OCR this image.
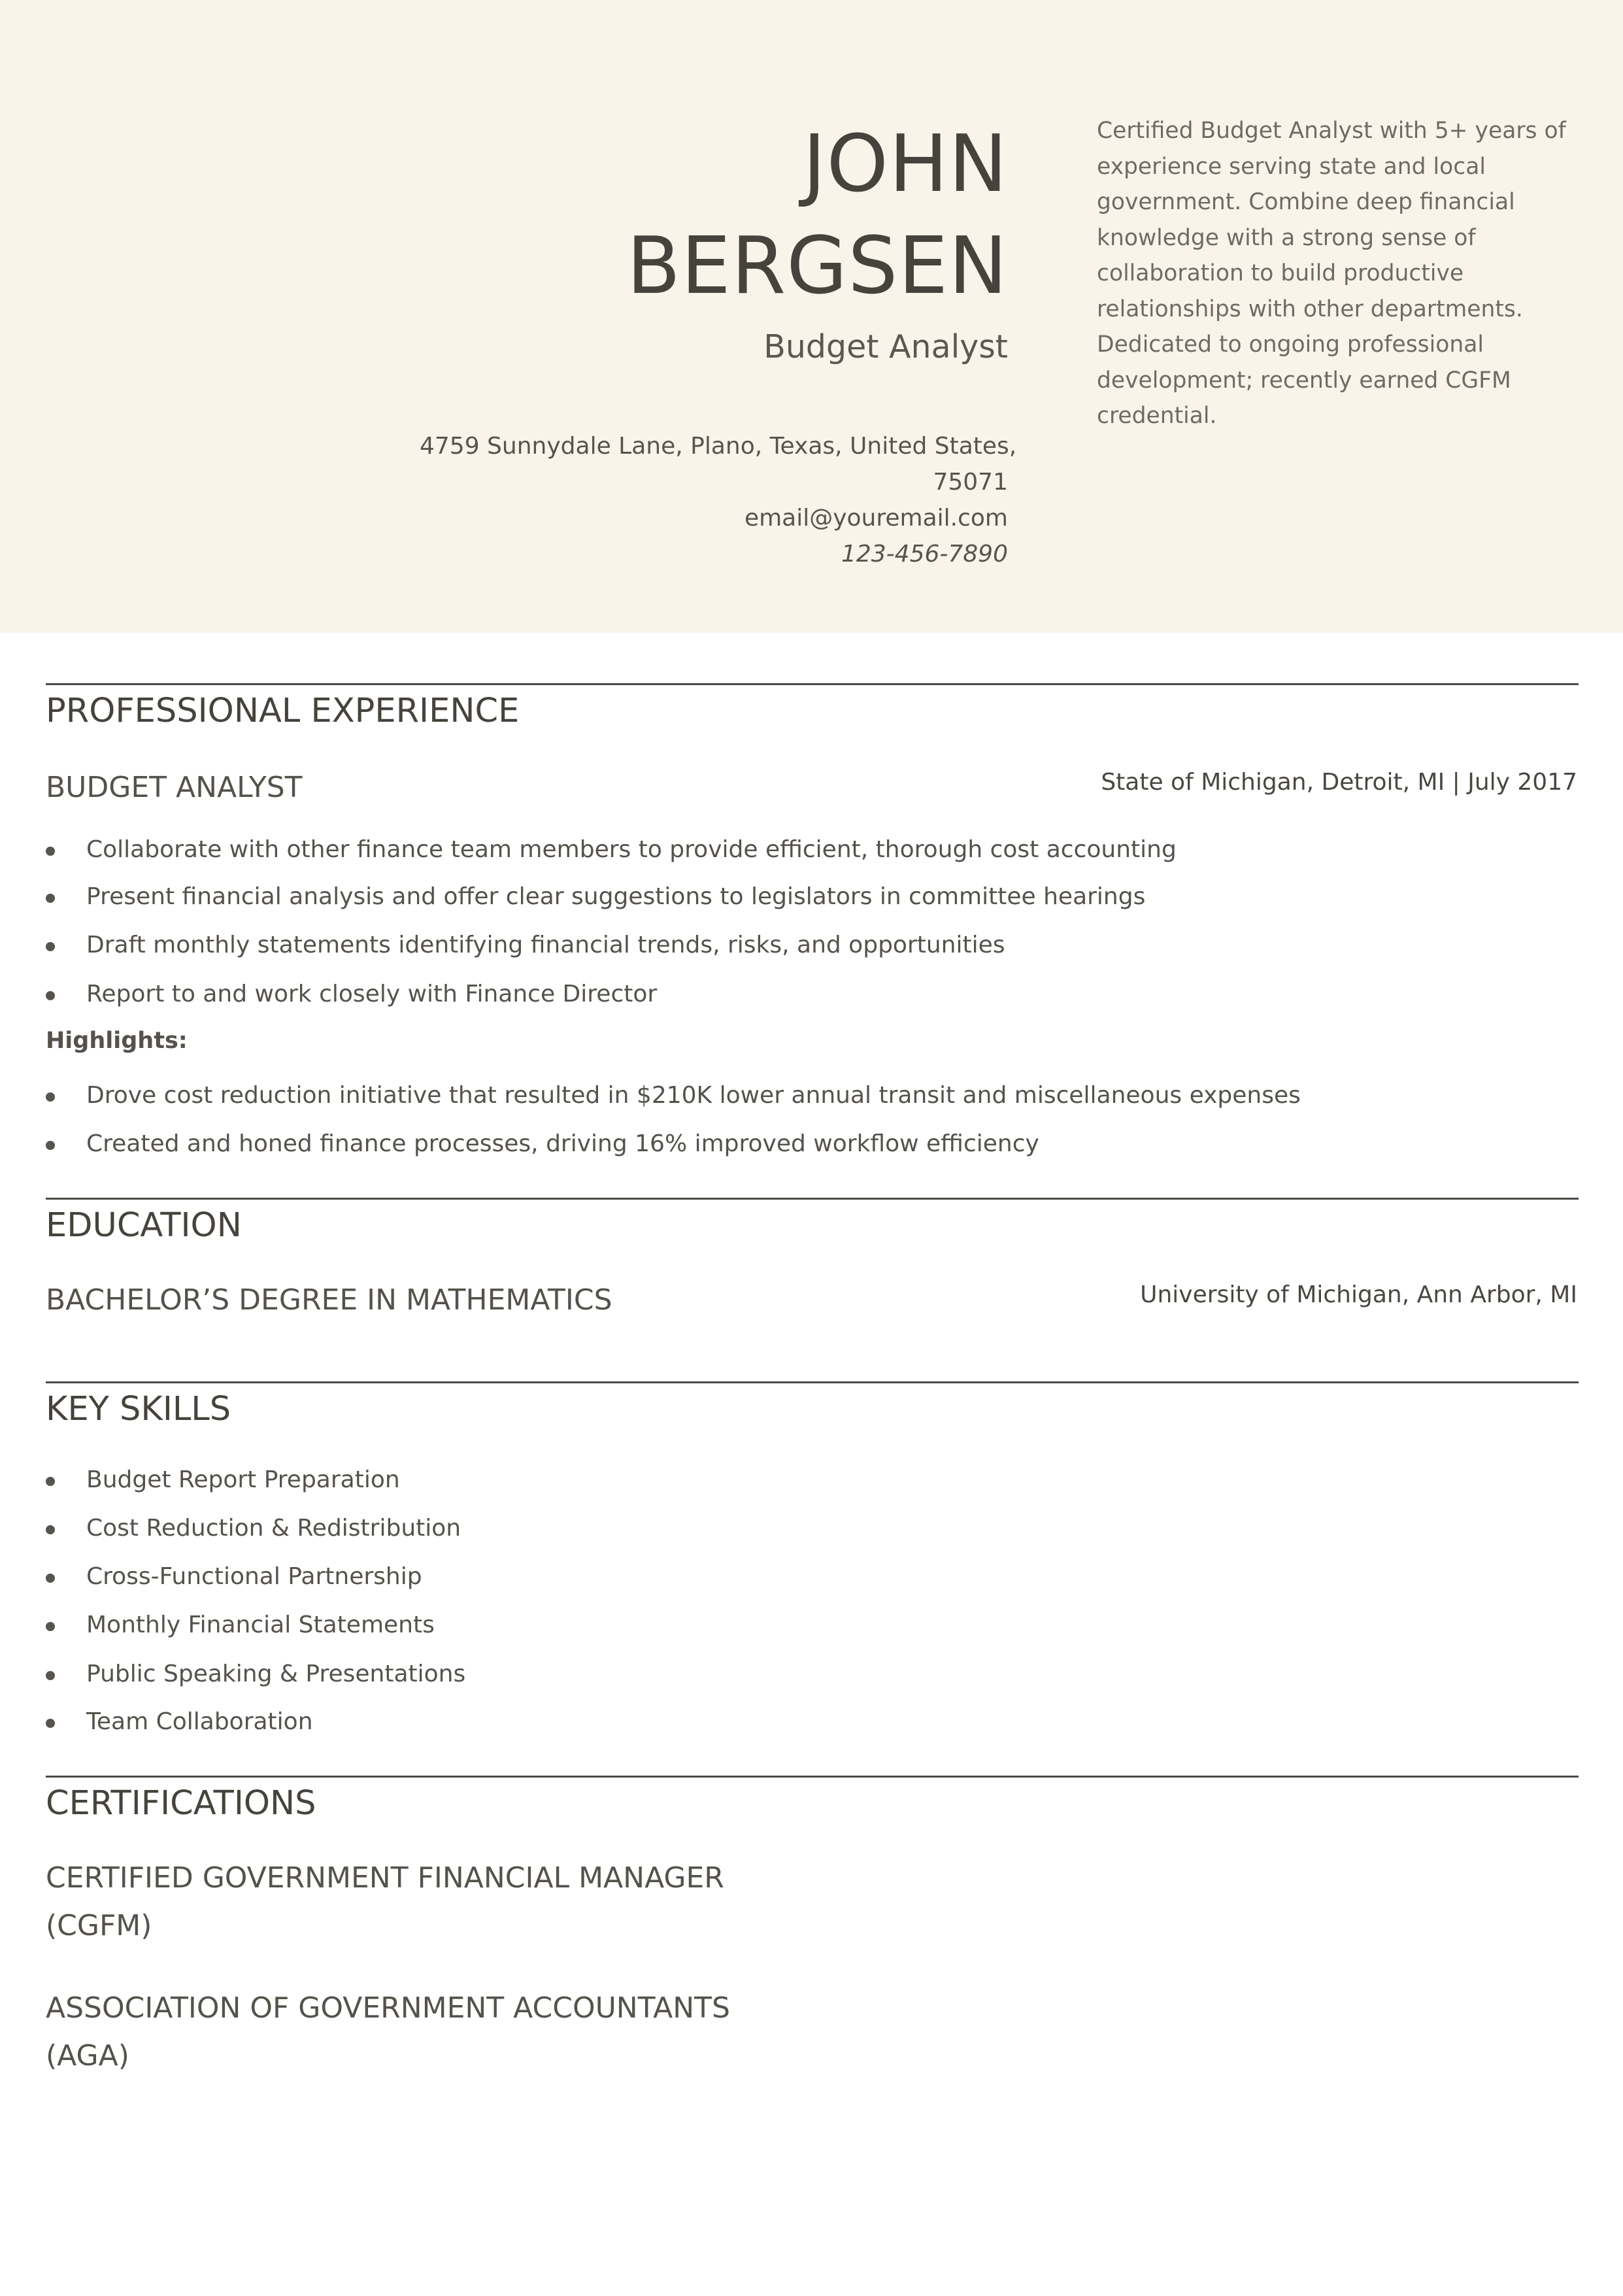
JOHN
BERGSEN
Budget Analyst
4759 Sunnydale Lane, Plano, Texas, United States,
75071
email@youremail.com
123-456-7890
Certified Budget Analyst with 5+ years of experience serving state and local government. Combine deep financial knowledge with a strong sense of collaboration to build productive relationships with other departments. Dedicated to ongoing professional development; recently earned CGFM credential.
PROFESSIONAL EXPERIENCE
BUDGET ANALYST	State of Michigan, Detroit, MI | July 2017
Collaborate with other finance team members to provide efficient, thorough cost accounting
Present financial analysis and offer clear suggestions to legislators in committee hearings
Draft monthly statements identifying financial trends, risks, and opportunities
Report to and work closely with Finance Director
Highlights:
Drove cost reduction initiative that resulted in $210K lower annual transit and miscellaneous expenses
Created and honed finance processes, driving 16% improved workflow efficiency
EDUCATION
BACHELOR’S DEGREE IN MATHEMATICS	University of Michigan, Ann Arbor, MI
KEY SKILLS
Budget Report Preparation
Cost Reduction & Redistribution
Cross-Functional Partnership
Monthly Financial Statements
Public Speaking & Presentations
Team Collaboration
CERTIFICATIONS
CERTIFIED GOVERNMENT FINANCIAL MANAGER
(CGFM)
ASSOCIATION OF GOVERNMENT ACCOUNTANTS
(AGA)
